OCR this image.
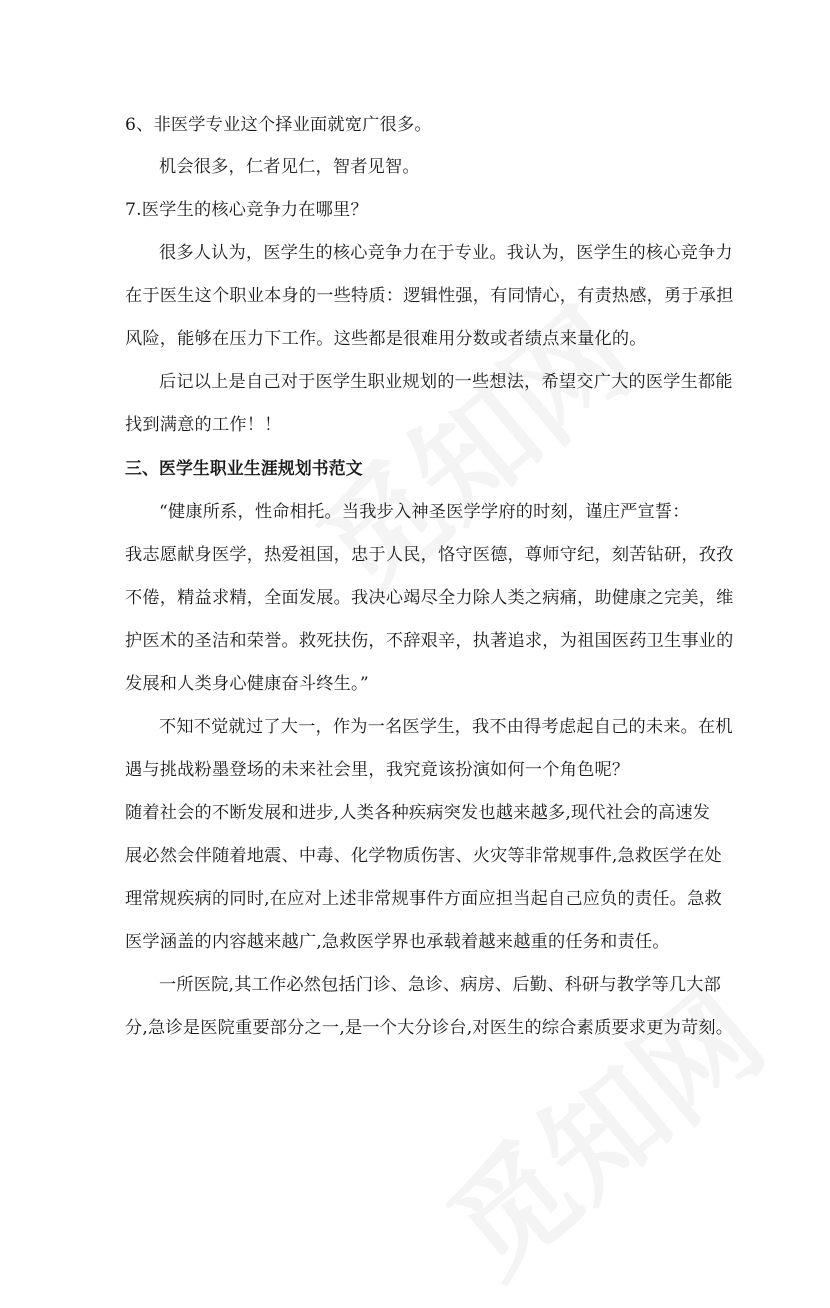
6、非医学专业这个择业面就宽广很多。
机会很多，仁者见仁，智者见智。
7.医学生的核心竞争力在哪里？
很多人认为，医学生的核心竞争力在于专业。我认为，医学生的核心竞争力
在于医生这个职业本身的一些特质：逻辑性强，有同情心，有责热感，勇于承担
风险，能够在压力下工作。这些都是很难用分数或者绩点来量化的。
后记以上是自己对于医学生职业规划的一些想法，希望交广大的医学生都能
找到满意的工作！！
三、医学生职业生涯规划书范文
“健康所系，性命相托。当我步入神圣医学学府的时刻，谨庄严宣誓：
我志愿献身医学，热爱祖国，忠于人民，恪守医德，尊师守纪，刻苦钻研，孜孜
不倦，精益求精，全面发展。我决心竭尽全力除人类之病痛，助健康之完美，维
护医术的圣洁和荣誉。救死扶伤，不辞艰辛，执著追求，为祖国医药卫生事业的
发展和人类身心健康奋斗终生。”
不知不觉就过了大一，作为一名医学生，我不由得考虑起自己的未来。在机
遇与挑战粉墨登场的未来社会里，我究竟该扮演如何一个角色呢？
随着社会的不断发展和进步,人类各种疾病突发也越来越多,现代社会的高速发
展必然会伴随着地震、中毒、化学物质伤害、火灾等非常规事件,急救医学在处
理常规疾病的同时,在应对上述非常规事件方面应担当起自己应负的责任。急救
医学涵盖的内容越来越广,急救医学界也承载着越来越重的任务和责任。
一所医院,其工作必然包括门诊、急诊、病房、后勤、科研与教学等几大部
分,急诊是医院重要部分之一,是一个大分诊台,对医生的综合素质要求更为苛刻。
